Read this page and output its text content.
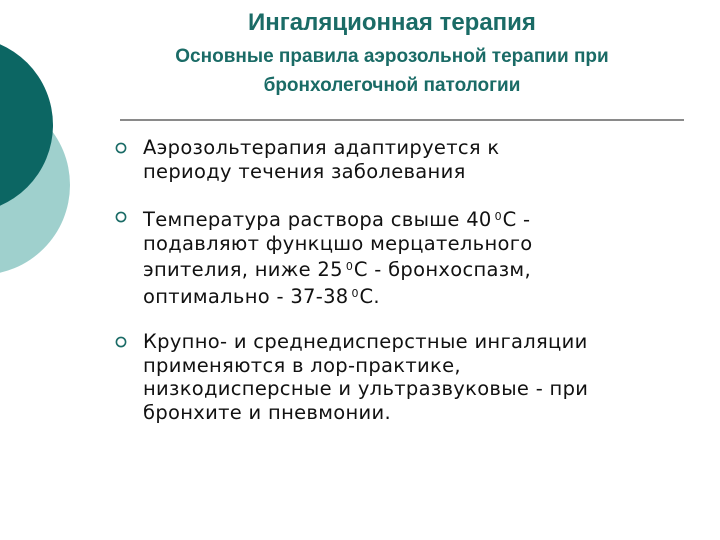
Ингаляционная терапия
Основные правила аэрозольной терапии при
бронхолегочной патологии
Аэрозольтерапия адаптируется к
периоду течения заболевания
Температура раствора свыше 40 $^0$С -
подавляют функцшо мерцательного
эпителия, ниже 25 $^0$С - бронхоспазм,
оптимально - 37-38 $^0$С.
Крупно- и среднедисперстные ингаляции
применяются в лор-практике,
низкодисперсные и ультразвуковые - при
бронхите и пневмонии.
